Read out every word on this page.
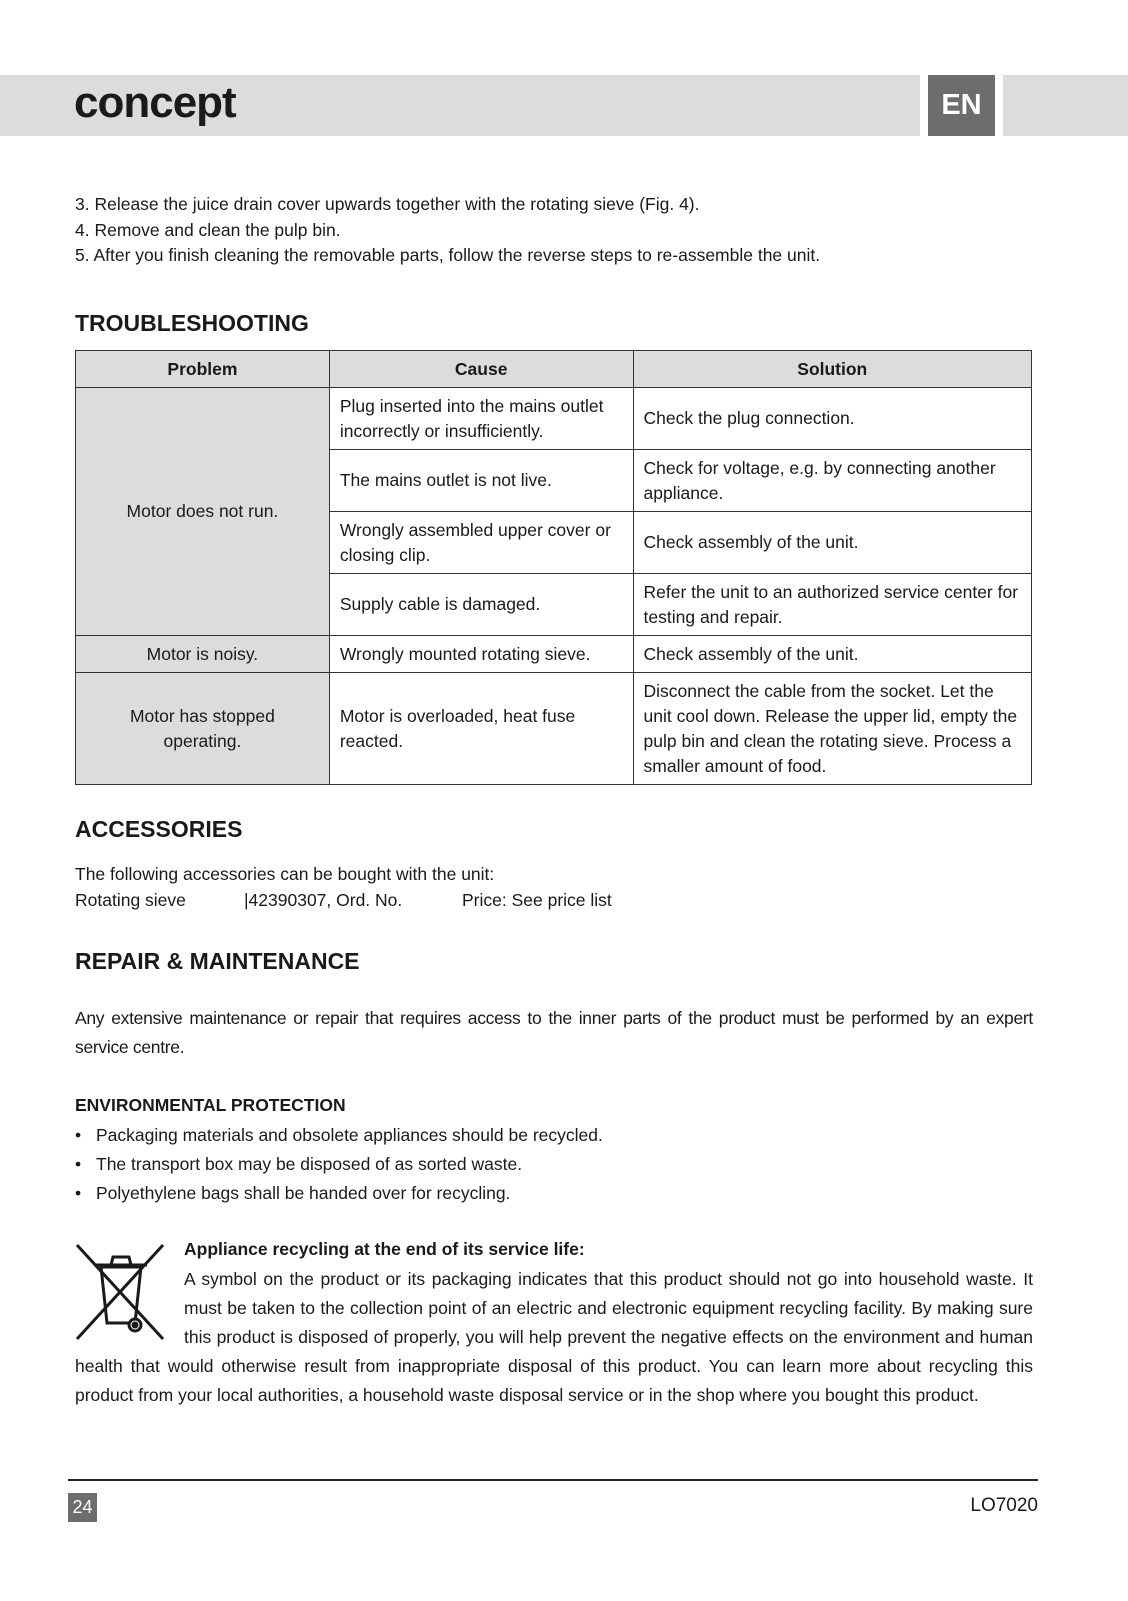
concept	EN
3. Release the juice drain cover upwards together with the rotating sieve (Fig. 4).
4. Remove and clean the pulp bin.
5. After you finish cleaning the removable parts, follow the reverse steps to re-assemble the unit.
TROUBLESHOOTING
Problem	Cause	Solution
Motor does not run.	Plug inserted into the mains outlet incorrectly or insufficiently.	Check the plug connection.
	The mains outlet is not live.	Check for voltage, e.g. by connecting another appliance.
	Wrongly assembled upper cover or closing clip.	Check assembly of the unit.
	Supply cable is damaged.	Refer the unit to an authorized service center for testing and repair.
Motor is noisy.	Wrongly mounted rotating sieve.	Check assembly of the unit.
Motor has stopped operating.	Motor is overloaded, heat fuse reacted.	Disconnect the cable from the socket. Let the unit cool down. Release the upper lid, empty the pulp bin and clean the rotating sieve. Process a smaller amount of food.
ACCESSORIES
The following accessories can be bought with the unit:
Rotating sieve	|42390307, Ord. No.	Price: See price list
REPAIR & MAINTENANCE
Any extensive maintenance or repair that requires access to the inner parts of the product must be performed by an expert service centre.
ENVIRONMENTAL PROTECTION
• Packaging materials and obsolete appliances should be recycled.
• The transport box may be disposed of as sorted waste.
• Polyethylene bags shall be handed over for recycling.
Appliance recycling at the end of its service life:
A symbol on the product or its packaging indicates that this product should not go into household waste. It must be taken to the collection point of an electric and electronic equipment recycling facility. By making sure this product is disposed of properly, you will help prevent the negative effects on the environment and human health that would otherwise result from inappropriate disposal of this product. You can learn more about recycling this product from your local authorities, a household waste disposal service or in the shop where you bought this product.
24	LO7020
